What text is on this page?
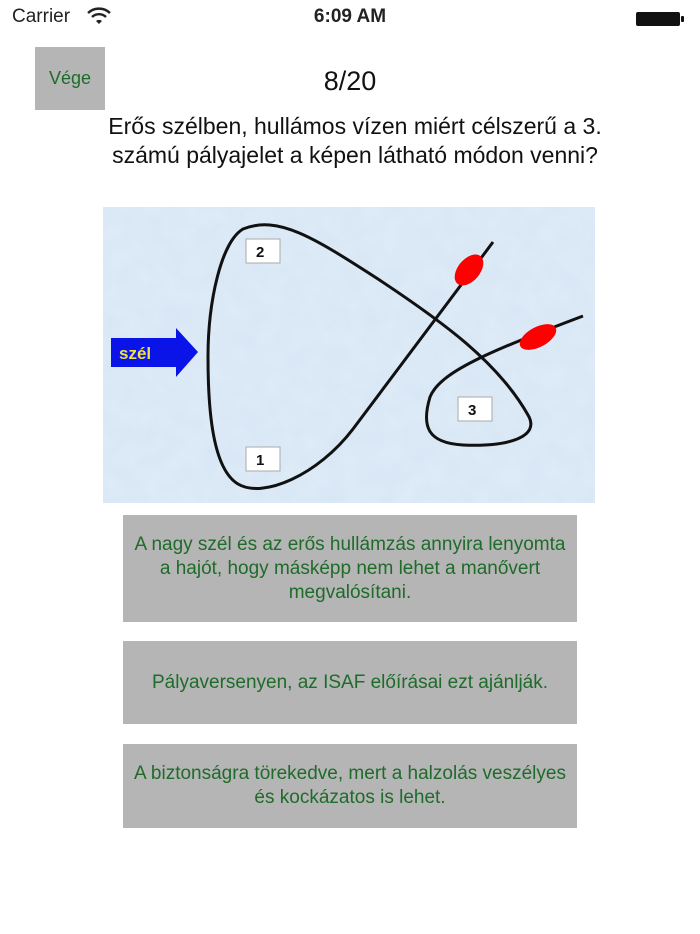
Carrier	6:09 AM
Vége	8/20
Erős szélben, hullámos vízen miért célszerű a 3. számú pályajelet a képen látható módon venni?
szél
2
1
3
A nagy szél és az erős hullámzás annyira lenyomta a hajót, hogy másképp nem lehet a manővert megvalósítani.
Pályaversenyen, az ISAF előírásai ezt ajánlják.
A biztonságra törekedve, mert a halzolás veszélyes és kockázatos is lehet.
